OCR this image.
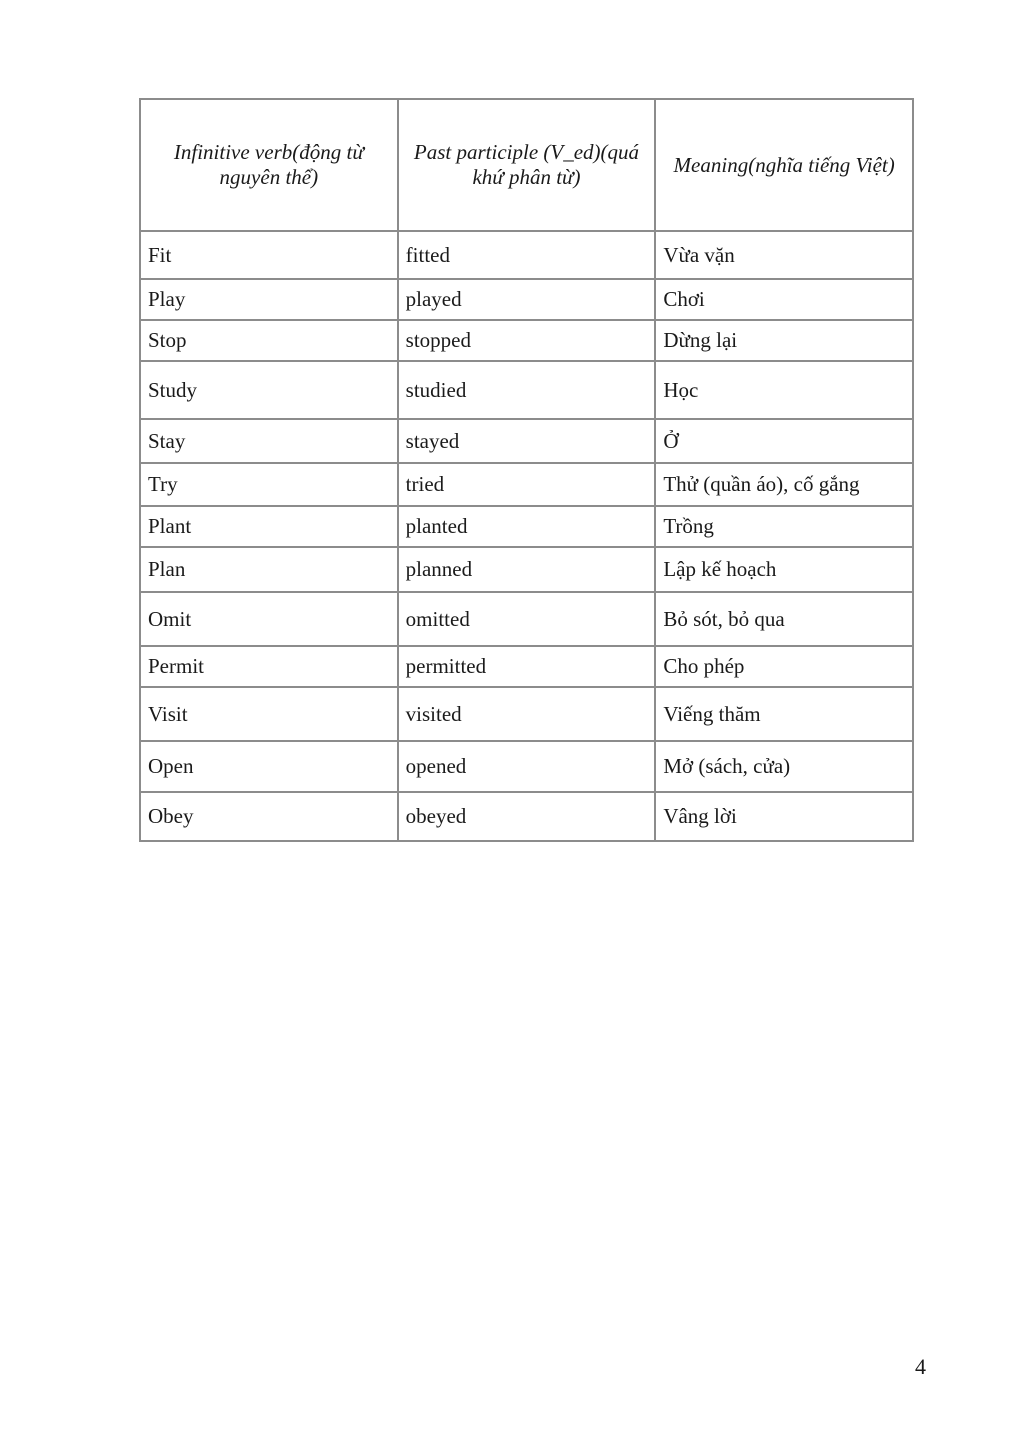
Infinitive verb(động từ nguyên thể)	Past participle (V_ed)(quá khứ phân từ)	Meaning(nghĩa tiếng Việt)
Fit	fitted	Vừa vặn
Play	played	Chơi
Stop	stopped	Dừng lại
Study	studied	Học
Stay	stayed	Ở
Try	tried	Thử (quần áo), cố gắng
Plant	planted	Trồng
Plan	planned	Lập kế hoạch
Omit	omitted	Bỏ sót, bỏ qua
Permit	permitted	Cho phép
Visit	visited	Viếng thăm
Open	opened	Mở (sách, cửa)
Obey	obeyed	Vâng lời
4
